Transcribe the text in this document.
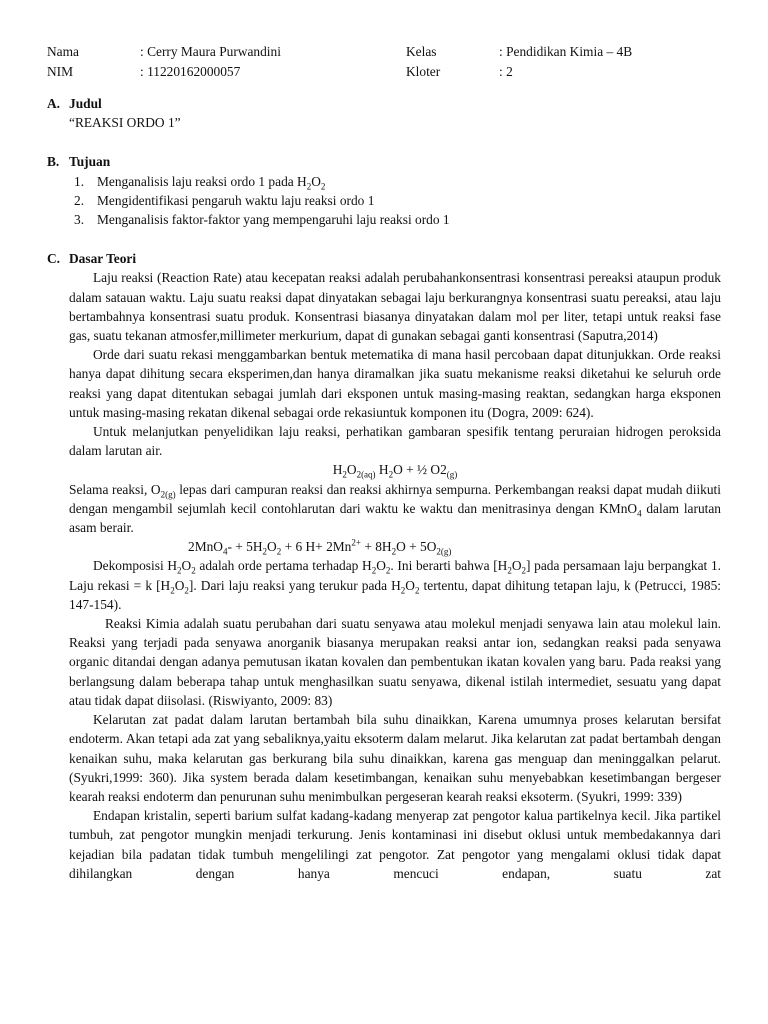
Nama	: Cerry Maura Purwandini	Kelas	: Pendidikan Kimia – 4B
NIM	: 11220162000057	Kloter	: 2
A. Judul
“REAKSI ORDO 1”
B. Tujuan
1. Menganalisis laju reaksi ordo 1 pada $H_2O_2$
2. Mengidentifikasi pengaruh waktu laju reaksi ordo 1
3. Menganalisis faktor-faktor yang mempengaruhi laju reaksi ordo 1
C. Dasar Teori

Laju reaksi (Reaction Rate) atau kecepatan reaksi adalah perubahankonsentrasi konsentrasi pereaksi ataupun produk dalam satauan waktu. Laju suatu reaksi dapat dinyatakan sebagai laju berkurangnya konsentrasi suatu pereaksi, atau laju bertambahnya konsentrasi suatu produk. Konsentrasi biasanya dinyatakan dalam mol per liter, tetapi untuk reaksi fase gas, suatu tekanan atmosfer,millimeter merkurium, dapat di gunakan sebagai ganti konsentrasi (Saputra,2014)

Orde dari suatu rekasi menggambarkan bentuk metematika di mana hasil percobaan dapat ditunjukkan. Orde reaksi hanya dapat dihitung secara eksperimen,dan hanya diramalkan jika suatu mekanisme reaksi diketahui ke seluruh orde reaksi yang dapat ditentukan sebagai jumlah dari eksponen untuk masing-masing reaktan, sedangkan harga eksponen untuk masing-masing rekatan dikenal sebagai orde rekasiuntuk komponen itu (Dogra, 2009: 624).

Untuk melanjutkan penyelidikan laju reaksi, perhatikan gambaran spesifik tentang peruraian hidrogen peroksida dalam larutan air.

$H_2O_{2(aq)}$ $H_2O$ + ½ $O2_{(g)}$

Selama reaksi, $O_{2(g)}$ lepas dari campuran reaksi dan reaksi akhirnya sempurna. Perkembangan reaksi dapat mudah diikuti dengan mengambil sejumlah kecil contohlarutan dari waktu ke waktu dan menitrasinya dengan KMnO$_4$ dalam larutan asam berair.

$2MnO_4- + 5H_2O_2 + 6$ $H+ 2Mn^{2+} + 8H_2O + 5O_{2(g)}$

Dekomposisi $H_2O_2$ adalah orde pertama terhadap $H_2O_2$. Ini berarti bahwa $[H_2O_2]$ pada persamaan laju berpangkat 1. Laju rekasi = k $[H_2O_2]$. Dari laju reaksi yang terukur pada $H_2O_2$ tertentu, dapat dihitung tetapan laju, k (Petrucci, 1985: 147-154).

Reaksi Kimia adalah suatu perubahan dari suatu senyawa atau molekul menjadi senyawa lain atau molekul lain. Reaksi yang terjadi pada senyawa anorganik biasanya merupakan reaksi antar ion, sedangkan reaksi pada senyawa organic ditandai dengan adanya pemutusan ikatan kovalen dan pembentukan ikatan kovalen yang baru. Pada reaksi yang berlangsung dalam beberapa tahap untuk menghasilkan suatu senyawa, dikenal istilah intermediet, sesuatu yang dapat atau tidak dapat diisolasi. (Riswiyanto, 2009: 83)

Kelarutan zat padat dalam larutan bertambah bila suhu dinaikkan, Karena umumnya proses kelarutan bersifat endoterm. Akan tetapi ada zat yang sebaliknya,yaitu eksoterm dalam melarut. Jika kelarutan zat padat bertambah dengan kenaikan suhu, maka kelarutan gas berkurang bila suhu dinaikkan, karena gas menguap dan meninggalkan pelarut. (Syukri,1999: 360). Jika system berada dalam kesetimbangan, kenaikan suhu menyebabkan kesetimbangan bergeser kearah reaksi endoterm dan penurunan suhu menimbulkan pergeseran kearah reaksi eksoterm. (Syukri, 1999: 339)

Endapan kristalin, seperti barium sulfat kadang-kadang menyerap zat pengotor kalua partikelnya kecil. Jika partikel tumbuh, zat pengotor mungkin menjadi terkurung. Jenis kontaminasi ini disebut oklusi untuk membedakannya dari kejadian bila padatan tidak tumbuh mengelilingi zat pengotor. Zat pengotor yang mengalami oklusi tidak dapat dihilangkan dengan hanya mencuci endapan, suatu zat
